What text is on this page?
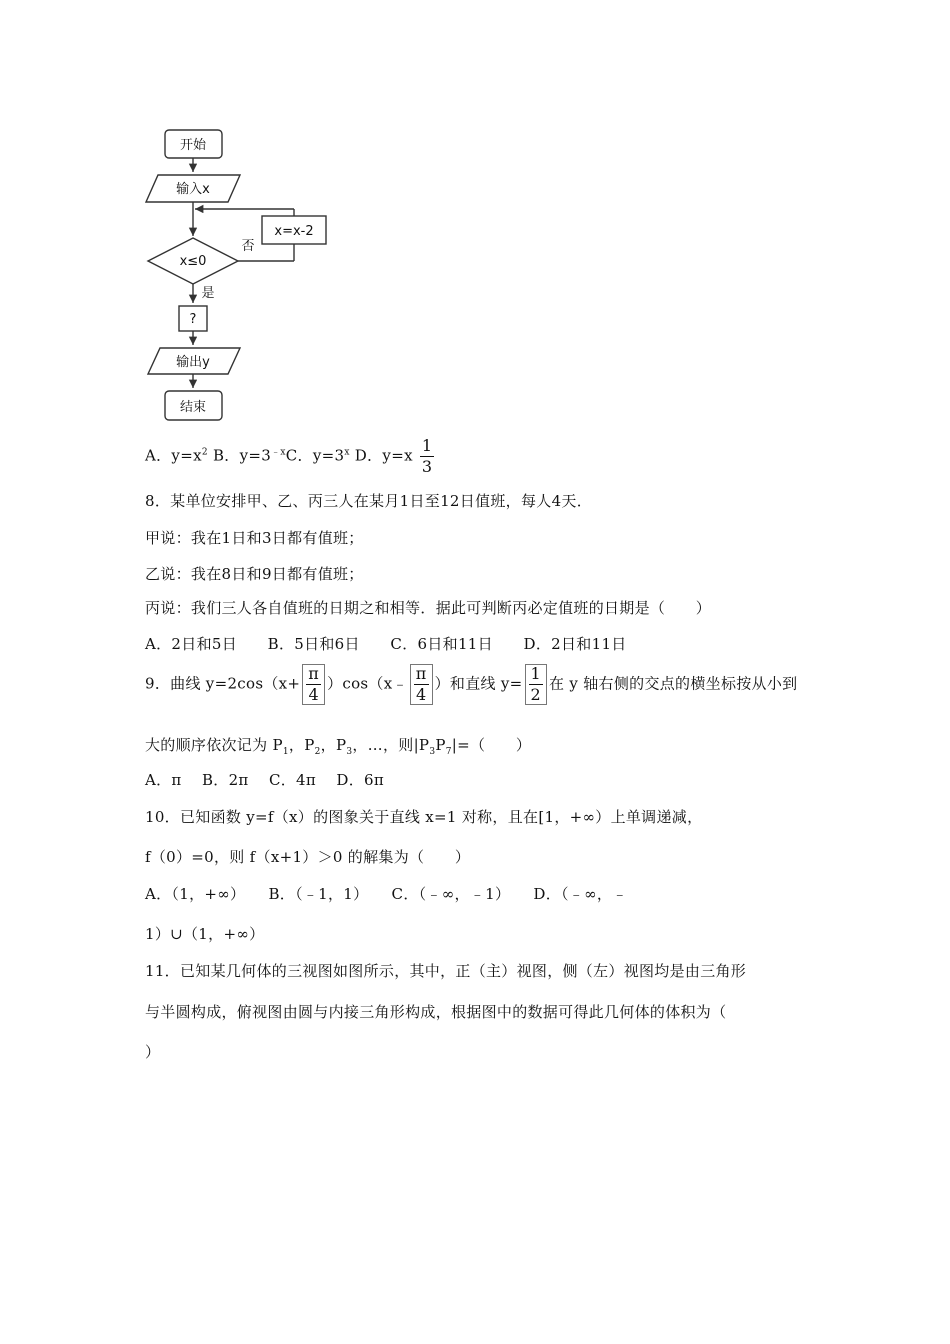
开始
输入x
x≤0
x=x-2
否
是
?
输出y
结束
A．$y=x^2$ B．$y=3^{﹣x}C$．$y=3^x$ D．$y=x \frac{1}{3}$
8．某单位安排甲、乙、丙三人在某月1日至12日值班，每人4天．
甲说：我在1日和3日都有值班；
乙说：我在8日和9日都有值班；
丙说：我们三人各自值班的日期之和相等．据此可判断丙必定值班的日期是（　　）
A．2日和5日　　B．5日和6日　　C．6日和11日　　D．2日和11日
9．曲线 $y=2\cos(x+ \frac{\pi}{4}$ ）cos（x﹣ $\frac{\pi}{4}$ ）和直线 $y= \frac{1}{2}$ 在 y 轴右侧的交点的横坐标按从小到
大的顺序依次记为 $P_1$，$P_2$，$P_3$，…，则$|P_3P_7|=$（　　）
A．π　 B．2π　 C．4π　 D．6π
10．已知函数 y=f（x）的图象关于直线 x=1 对称，且在[1，+∞）上单调递减，
f（0）=0，则 f（x+1）＞0 的解集为（　　）
A．（1，+∞）　　B．（﹣1，1）　　C．（﹣∞，﹣1）　　D．（﹣∞，﹣
1）∪（1，+∞）
11．已知某几何体的三视图如图所示，其中，正（主）视图，侧（左）视图均是由三角形
与半圆构成，俯视图由圆与内接三角形构成，根据图中的数据可得此几何体的体积为（
）
